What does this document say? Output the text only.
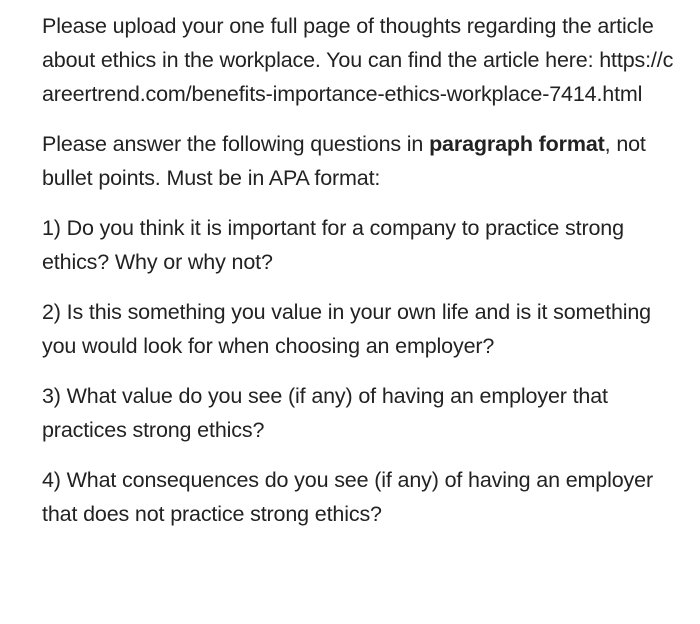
Please upload your one full page of thoughts regarding the article about ethics in the workplace. You can find the article here: https://careertrend.com/benefits-importance-ethics-workplace-7414.html

Please answer the following questions in paragraph format, not bullet points. Must be in APA format:

1) Do you think it is important for a company to practice strong ethics? Why or why not?

2) Is this something you value in your own life and is it something you would look for when choosing an employer?

3) What value do you see (if any) of having an employer that practices strong ethics?

4) What consequences do you see (if any) of having an employer that does not practice strong ethics?
